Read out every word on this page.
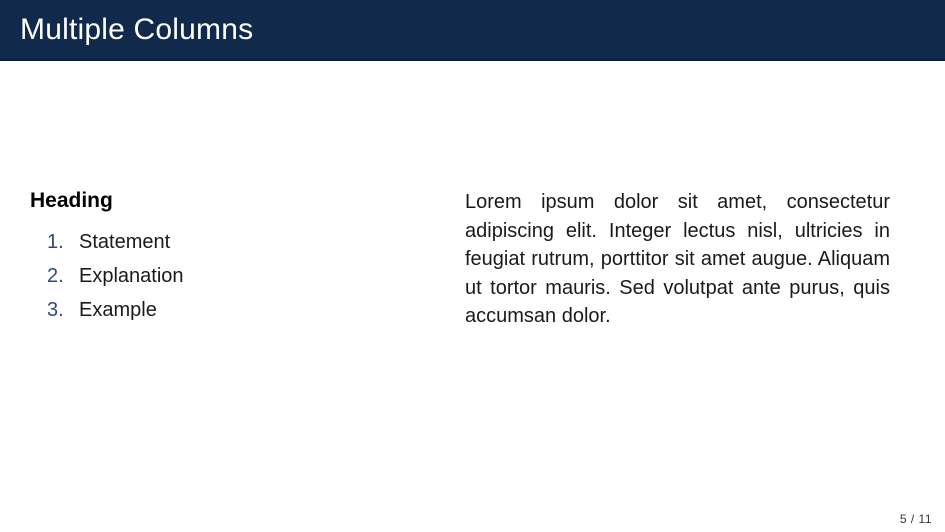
Multiple Columns

Heading

1. Statement
2. Explanation
3. Example

Lorem ipsum dolor sit amet, consectetur adipiscing elit. Integer lectus nisl, ultricies in feugiat rutrum, porttitor sit amet augue. Aliquam ut tortor mauris. Sed volutpat ante purus, quis accumsan dolor.

5 / 11
